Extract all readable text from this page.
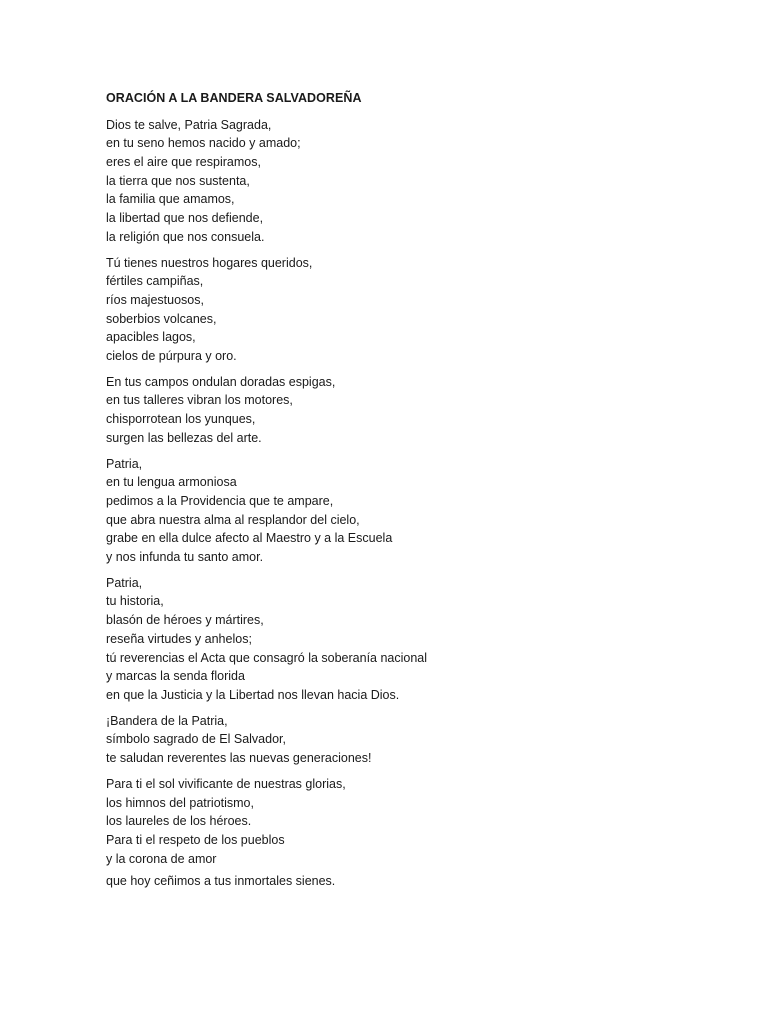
ORACIÓN A LA BANDERA SALVADOREÑA
Dios te salve, Patria Sagrada,
en tu seno hemos nacido y amado;
eres el aire que respiramos,
la tierra que nos sustenta,
la familia que amamos,
la libertad que nos defiende,
la religión que nos consuela.
Tú tienes nuestros hogares queridos,
fértiles campiñas,
ríos majestuosos,
soberbios volcanes,
apacibles lagos,
cielos de púrpura y oro.
En tus campos ondulan doradas espigas,
en tus talleres vibran los motores,
chisporrotean los yunques,
surgen las bellezas del arte.
Patria,
en tu lengua armoniosa
pedimos a la Providencia que te ampare,
que abra nuestra alma al resplandor del cielo,
grabe en ella dulce afecto al Maestro y a la Escuela
y nos infunda tu santo amor.
Patria,
tu historia,
blasón de héroes y mártires,
reseña virtudes y anhelos;
tú reverencias el Acta que consagró la soberanía nacional
y marcas la senda florida
en que la Justicia y la Libertad nos llevan hacia Dios.
¡Bandera de la Patria,
símbolo sagrado de El Salvador,
te saludan reverentes las nuevas generaciones!
Para ti el sol vivificante de nuestras glorias,
los himnos del patriotismo,
los laureles de los héroes.
Para ti el respeto de los pueblos
y la corona de amor
que hoy ceñimos a tus inmortales sienes.
